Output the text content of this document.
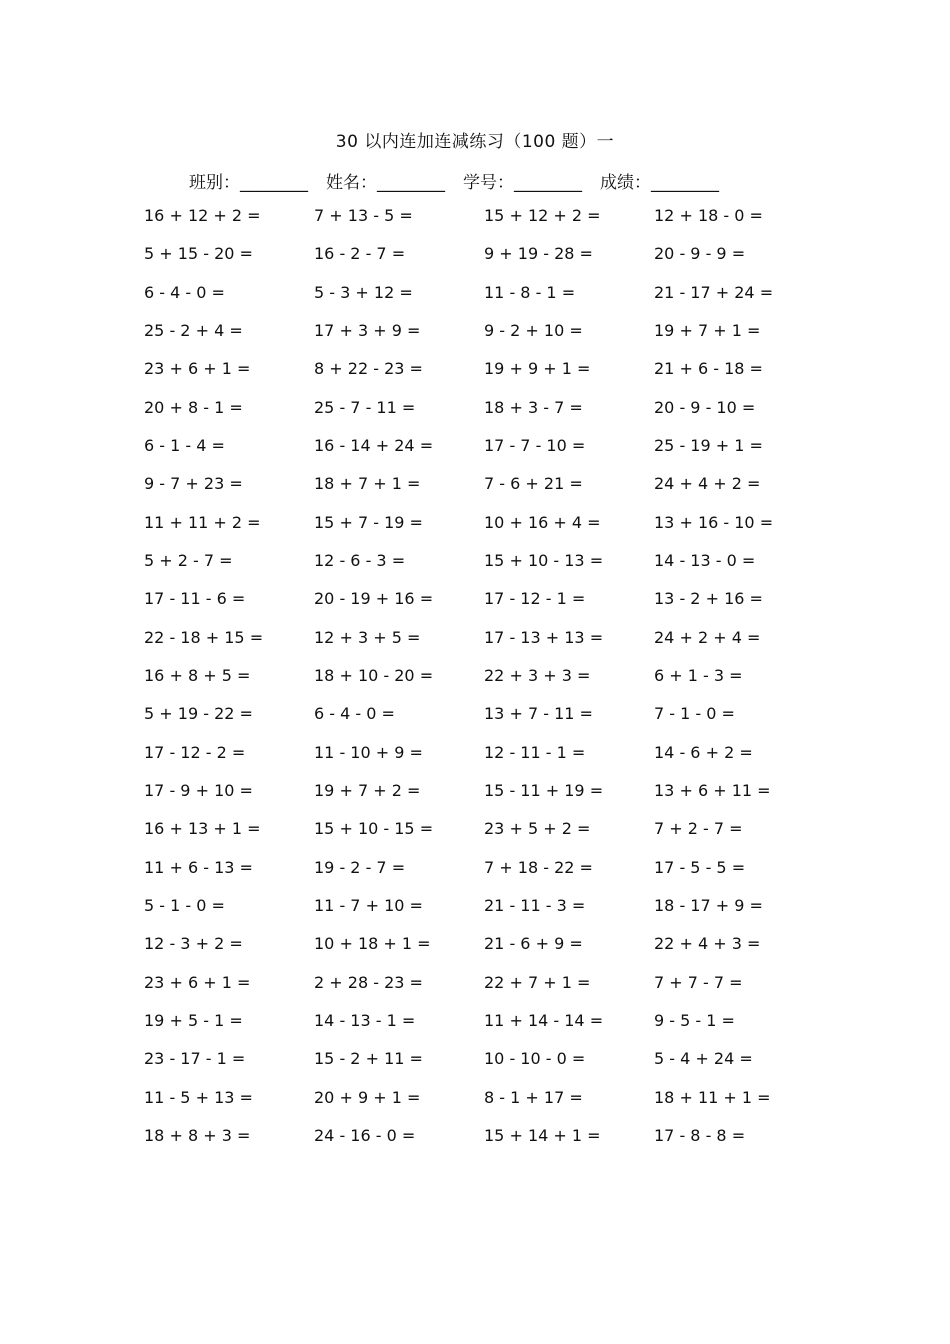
30 以内连加连减练习（100 题）一
班别：________ 姓名：________ 学号：________ 成绩：________
16 + 12 + 2 =	7 + 13 - 5 =	15 + 12 + 2 =	12 + 18 - 0 =
5 + 15 - 20 =	16 - 2 - 7 =	9 + 19 - 28 =	20 - 9 - 9 =
6 - 4 - 0 =	5 - 3 + 12 =	11 - 8 - 1 =	21 - 17 + 24 =
25 - 2 + 4 =	17 + 3 + 9 =	9 - 2 + 10 =	19 + 7 + 1 =
23 + 6 + 1 =	8 + 22 - 23 =	19 + 9 + 1 =	21 + 6 - 18 =
20 + 8 - 1 =	25 - 7 - 11 =	18 + 3 - 7 =	20 - 9 - 10 =
6 - 1 - 4 =	16 - 14 + 24 =	17 - 7 - 10 =	25 - 19 + 1 =
9 - 7 + 23 =	18 + 7 + 1 =	7 - 6 + 21 =	24 + 4 + 2 =
11 + 11 + 2 =	15 + 7 - 19 =	10 + 16 + 4 =	13 + 16 - 10 =
5 + 2 - 7 =	12 - 6 - 3 =	15 + 10 - 13 =	14 - 13 - 0 =
17 - 11 - 6 =	20 - 19 + 16 =	17 - 12 - 1 =	13 - 2 + 16 =
22 - 18 + 15 =	12 + 3 + 5 =	17 - 13 + 13 =	24 + 2 + 4 =
16 + 8 + 5 =	18 + 10 - 20 =	22 + 3 + 3 =	6 + 1 - 3 =
5 + 19 - 22 =	6 - 4 - 0 =	13 + 7 - 11 =	7 - 1 - 0 =
17 - 12 - 2 =	11 - 10 + 9 =	12 - 11 - 1 =	14 - 6 + 2 =
17 - 9 + 10 =	19 + 7 + 2 =	15 - 11 + 19 =	13 + 6 + 11 =
16 + 13 + 1 =	15 + 10 - 15 =	23 + 5 + 2 =	7 + 2 - 7 =
11 + 6 - 13 =	19 - 2 - 7 =	7 + 18 - 22 =	17 - 5 - 5 =
5 - 1 - 0 =	11 - 7 + 10 =	21 - 11 - 3 =	18 - 17 + 9 =
12 - 3 + 2 =	10 + 18 + 1 =	21 - 6 + 9 =	22 + 4 + 3 =
23 + 6 + 1 =	2 + 28 - 23 =	22 + 7 + 1 =	7 + 7 - 7 =
19 + 5 - 1 =	14 - 13 - 1 =	11 + 14 - 14 =	9 - 5 - 1 =
23 - 17 - 1 =	15 - 2 + 11 =	10 - 10 - 0 =	5 - 4 + 24 =
11 - 5 + 13 =	20 + 9 + 1 =	8 - 1 + 17 =	18 + 11 + 1 =
18 + 8 + 3 =	24 - 16 - 0 =	15 + 14 + 1 =	17 - 8 - 8 =
